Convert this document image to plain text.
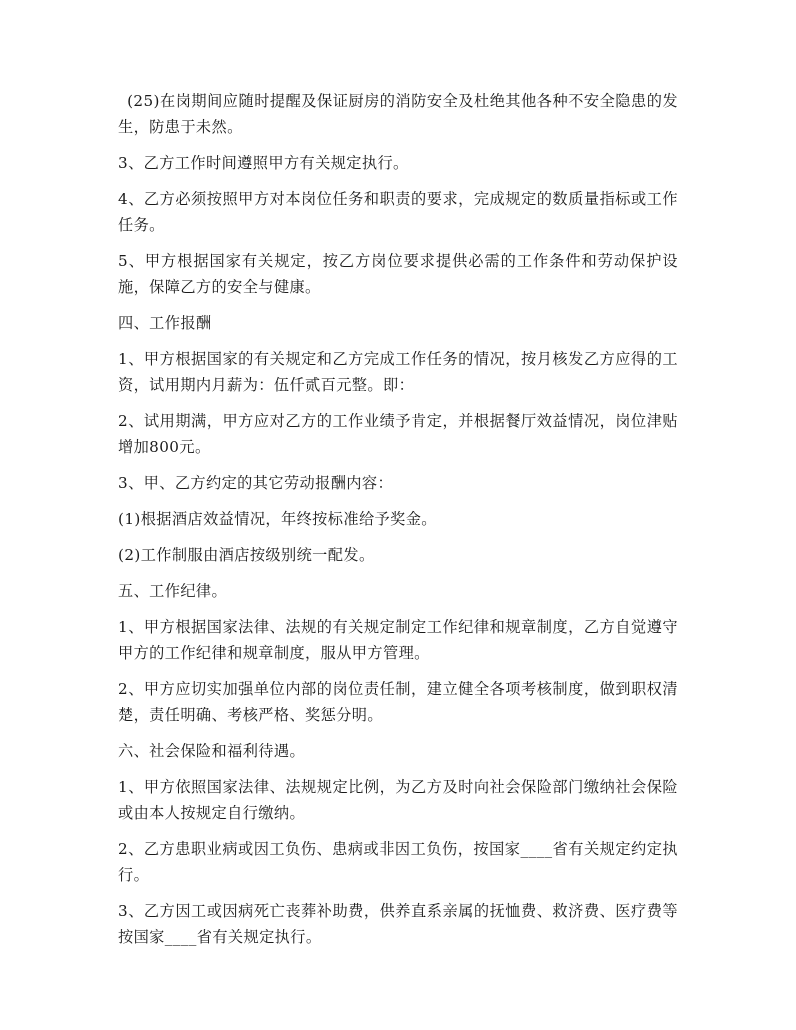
(25)在岗期间应随时提醒及保证厨房的消防安全及杜绝其他各种不安全隐患的发生，防患于未然。

3、乙方工作时间遵照甲方有关规定执行。

4、乙方必须按照甲方对本岗位任务和职责的要求，完成规定的数质量指标或工作任务。

5、甲方根据国家有关规定，按乙方岗位要求提供必需的工作条件和劳动保护设施，保障乙方的安全与健康。

四、工作报酬

1、甲方根据国家的有关规定和乙方完成工作任务的情况，按月核发乙方应得的工资，试用期内月薪为：伍仟贰百元整。即：

2、试用期满，甲方应对乙方的工作业绩予肯定，并根据餐厅效益情况，岗位津贴增加800元。

3、甲、乙方约定的其它劳动报酬内容：

(1)根据酒店效益情况，年终按标准给予奖金。

(2)工作制服由酒店按级别统一配发。

五、工作纪律。

1、甲方根据国家法律、法规的有关规定制定工作纪律和规章制度，乙方自觉遵守甲方的工作纪律和规章制度，服从甲方管理。

2、甲方应切实加强单位内部的岗位责任制，建立健全各项考核制度，做到职权清楚，责任明确、考核严格、奖惩分明。

六、社会保险和福利待遇。

1、甲方依照国家法律、法规规定比例，为乙方及时向社会保险部门缴纳社会保险或由本人按规定自行缴纳。

2、乙方患职业病或因工负伤、患病或非因工负伤，按国家____省有关规定约定执行。

3、乙方因工或因病死亡丧葬补助费，供养直系亲属的抚恤费、救济费、医疗费等按国家____省有关规定执行。
